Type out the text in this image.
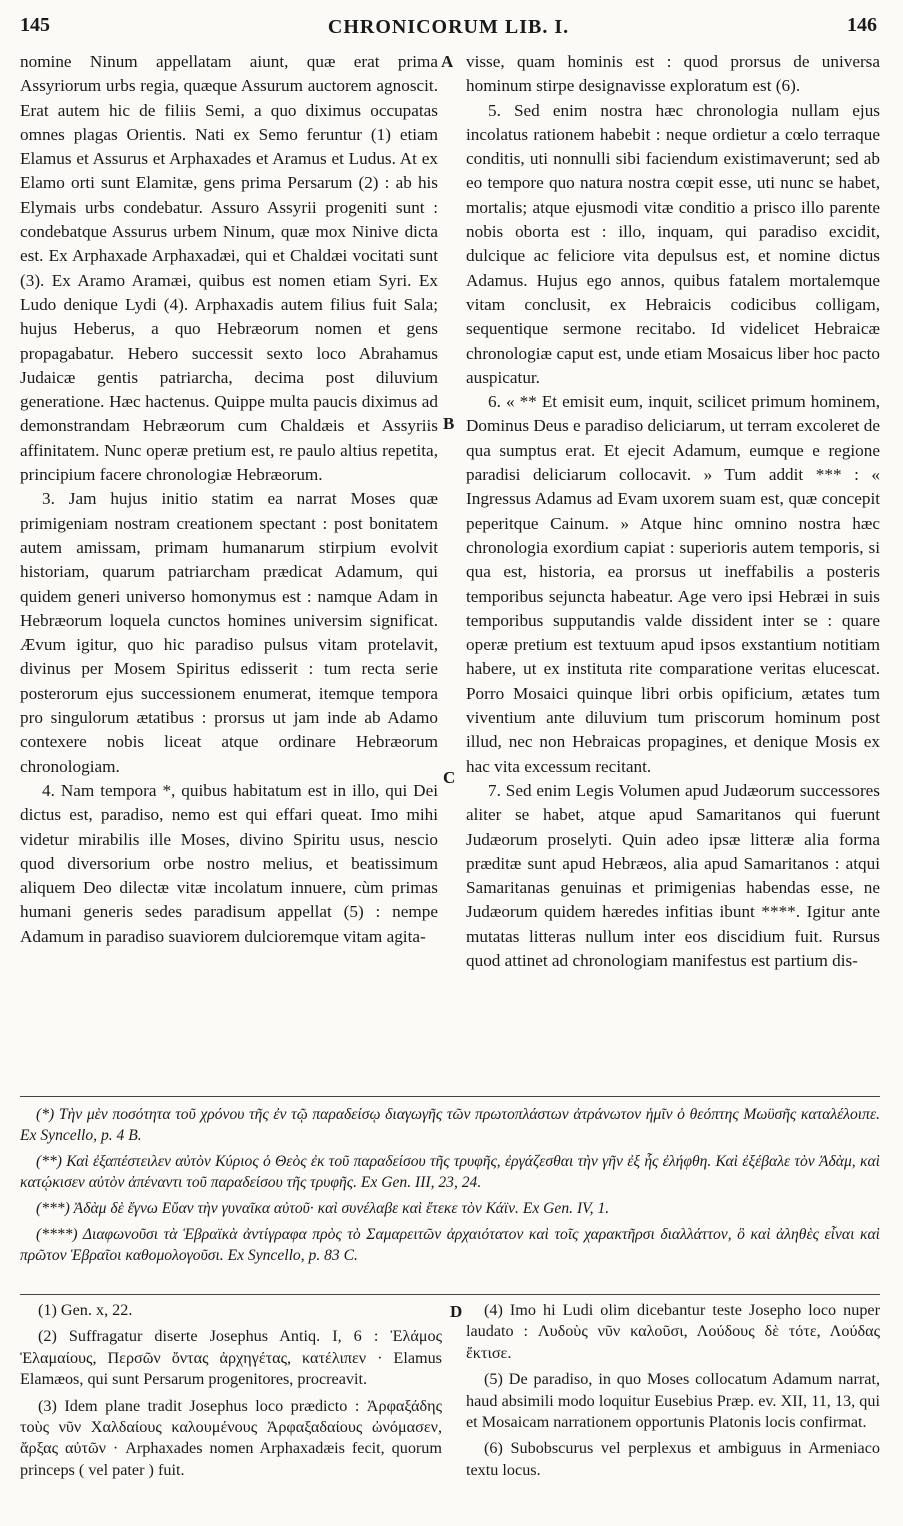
145	CHRONICORUM LIB. I.	146

nomine Ninum appellatam aiunt, quæ erat prima Assyriorum urbs regia, quæque Assurum auctorem agnoscit. Erat autem hic de filiis Semi, a quo diximus occupatas omnes plagas Orientis. Nati ex Semo feruntur (1) etiam Elamus et Assurus et Arphaxades et Aramus et Ludus. At ex Elamo orti sunt Elamitæ, gens prima Persarum (2) : ab his Elymais urbs condebatur. Assuro Assyrii progeniti sunt : condebatque Assurus urbem Ninum, quæ mox Ninive dicta est. Ex Arphaxade Arphaxadæi, qui et Chaldæi vocitati sunt (3). Ex Aramo Aramæi, quibus est nomen etiam Syri. Ex Ludo denique Lydi (4). Arphaxadis autem filius fuit Sala; hujus Heberus, a quo Hebræorum nomen et gens propagabatur. Hebero successit sexto loco Abrahamus Judaicæ gentis patriarcha, decima post diluvium generatione. Hæc hactenus. Quippe multa paucis diximus ad demonstrandam Hebræorum cum Chaldæis et Assyriis affinitatem. Nunc operæ pretium est, re paulo altius repetita, principium facere chronologiæ Hebræorum.

3. Jam hujus initio statim ea narrat Moses quæ primigeniam nostram creationem spectant : post bonitatem autem amissam, primam humanarum stirpium evolvit historiam, quarum patriarcham prædicat Adamum, qui quidem generi universo homonymus est : namque Adam in Hebræorum loquela cunctos homines universim significat. Ævum igitur, quo hic paradiso pulsus vitam protelavit, divinus per Mosem Spiritus edisserit : tum recta serie posterorum ejus successionem enumerat, itemque tempora pro singulorum ætatibus : prorsus ut jam inde ab Adamo contexere nobis liceat atque ordinare Hebræorum chronologiam.

4. Nam tempora *, quibus habitatum est in illo, qui Dei dictus est, paradiso, nemo est qui effari queat. Imo mihi videtur mirabilis ille Moses, divino Spiritu usus, nescio quod diversorium orbe nostro melius, et beatissimum aliquem Deo dilectæ vitæ incolatum innuere, cùm primas humani generis sedes paradisum appellat (5) : nempe Adamum in paradiso suaviorem dulcioremque vitam agita-

visse, quam hominis est : quod prorsus de universa hominum stirpe designavisse exploratum est (6).

5. Sed enim nostra hæc chronologia nullam ejus incolatus rationem habebit : neque ordietur a cœlo terraque conditis, uti nonnulli sibi faciendum existimaverunt; sed ab eo tempore quo natura nostra cœpit esse, uti nunc se habet, mortalis; atque ejusmodi vitæ conditio a prisco illo parente nobis oborta est : illo, inquam, qui paradiso excidit, dulcique ac feliciore vita depulsus est, et nomine dictus Adamus. Hujus ego annos, quibus fatalem mortalemque vitam conclusit, ex Hebraicis codicibus colligam, sequentique sermone recitabo. Id videlicet Hebraicæ chronologiæ caput est, unde etiam Mosaicus liber hoc pacto auspicatur.

6. « ** Et emisit eum, inquit, scilicet primum hominem, Dominus Deus e paradiso deliciarum, ut terram excoleret de qua sumptus erat. Et ejecit Adamum, eumque e regione paradisi deliciarum collocavit. » Tum addit *** : « Ingressus Adamus ad Evam uxorem suam est, quæ concepit peperitque Cainum. » Atque hinc omnino nostra hæc chronologia exordium capiat : superioris autem temporis, si qua est, historia, ea prorsus ut ineffabilis a posteris temporibus sejuncta habeatur. Age vero ipsi Hebræi in suis temporibus supputandis valde dissident inter se : quare operæ pretium est textuum apud ipsos exstantium notitiam habere, ut ex instituta rite comparatione veritas elucescat. Porro Mosaici quinque libri orbis opificium, ætates tum viventium ante diluvium tum priscorum hominum post illud, nec non Hebraicas propagines, et denique Mosis ex hac vita excessum recitant.

7. Sed enim Legis Volumen apud Judæorum successores aliter se habet, atque apud Samaritanos qui fuerunt Judæorum proselyti. Quin adeo ipsæ litteræ alia forma præditæ sunt apud Hebræos, alia apud Samaritanos : atqui Samaritanas genuinas et primigenias habendas esse, ne Judæorum quidem hæredes infitias ibunt ****. Igitur ante mutatas litteras nullum inter eos discidium fuit. Rursus quod attinet ad chronologiam manifestus est partium dis-

A
B
C
D

(*) Τὴν μὲν ποσότητα τοῦ χρόνου τῆς ἐν τῷ παραδείσῳ διαγωγῆς τῶν πρωτοπλάστων ἀτράνωτον ἡμῖν ὁ θεόπτης Μωϋσῆς καταλέλοιπε. Ex Syncello, p. 4 B.

(**) Καὶ ἐξαπέστειλεν αὐτὸν Κύριος ὁ Θεὸς ἐκ τοῦ παραδείσου τῆς τρυφῆς, ἐργάζεσθαι τὴν γῆν ἐξ ἧς ἐλήφθη. Καὶ ἐξέβαλε τὸν Ἀδὰμ, καὶ κατῴκισεν αὐτὸν ἀπέναντι τοῦ παραδείσου τῆς τρυφῆς. Ex Gen. III, 23, 24.

(***) Ἀδὰμ δὲ ἔγνω Εὔαν τὴν γυναῖκα αὐτοῦ· καὶ συνέλαβε καὶ ἔτεκε τὸν Κάϊν. Ex Gen. IV, 1.

(****) Διαφωνοῦσι τὰ Ἑβραϊκὰ ἀντίγραφα πρὸς τὸ Σαμαρειτῶν ἀρχαιότατον καὶ τοῖς χαρακτῆρσι διαλλάττον, ὃ καὶ ἀληθὲς εἶναι καὶ πρῶτον Ἑβραῖοι καθομολογοῦσι. Ex Syncello, p. 83 C.

(1) Gen. x, 22.

(2) Suffragatur diserte Josephus Antiq. I, 6 : Ἐλάμος Ἐλαμαίους, Περσῶν ὄντας ἀρχηγέτας, κατέλιπεν · Elamus Elamæos, qui sunt Persarum progenitores, procreavit.

(3) Idem plane tradit Josephus loco prædicto : Ἀρφαξάδης τοὺς νῦν Χαλδαίους καλουμένους Ἀρφαξαδαίους ὠνόμασεν, ἄρξας αὐτῶν · Arphaxades nomen Arphaxadæis fecit, quorum princeps ( vel pater ) fuit.

(4) Imo hi Ludi olim dicebantur teste Josepho loco nuper laudato : Λυδοὺς νῦν καλοῦσι, Λούδους δὲ τότε, Λούδας ἔκτισε.

(5) De paradiso, in quo Moses collocatum Adamum narrat, haud absimili modo loquitur Eusebius Præp. ev. XII, 11, 13, qui et Mosaicam narrationem opportunis Platonis locis confirmat.

(6) Subobscurus vel perplexus et ambiguus in Armeniaco textu locus.
